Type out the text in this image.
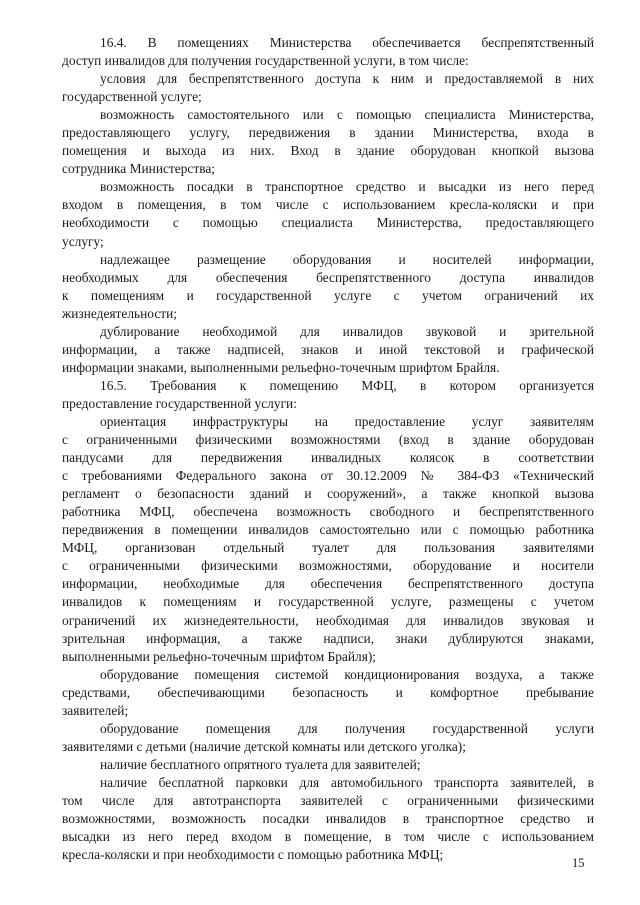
16.4. В помещениях Министерства обеспечивается беспрепятственный
доступ инвалидов для получения государственной услуги, в том числе:
условия для беспрепятственного доступа к ним и предоставляемой в них
государственной услуге;
возможность самостоятельного или с помощью специалиста Министерства,
предоставляющего услугу, передвижения в здании Министерства, входа в
помещения и выхода из них. Вход в здание оборудован кнопкой вызова
сотрудника Министерства;
возможность посадки в транспортное средство и высадки из него перед
входом в помещения, в том числе с использованием кресла-коляски и при
необходимости с помощью специалиста Министерства, предоставляющего
услугу;
надлежащее размещение оборудования и носителей информации,
необходимых для обеспечения беспрепятственного доступа инвалидов
к помещениям и государственной услуге с учетом ограничений их
жизнедеятельности;
дублирование необходимой для инвалидов звуковой и зрительной
информации, а также надписей, знаков и иной текстовой и графической
информации знаками, выполненными рельефно-точечным шрифтом Брайля.
16.5. Требования к помещению МФЦ, в котором организуется
предоставление государственной услуги:
ориентация инфраструктуры на предоставление услуг заявителям
с ограниченными физическими возможностями (вход в здание оборудован
пандусами для передвижения инвалидных колясок в соответствии
с требованиями Федерального закона от 30.12.2009 № 384-ФЗ «Технический
регламент о безопасности зданий и сооружений», а также кнопкой вызова
работника МФЦ, обеспечена возможность свободного и беспрепятственного
передвижения в помещении инвалидов самостоятельно или с помощью работника
МФЦ, организован отдельный туалет для пользования заявителями
с ограниченными физическими возможностями, оборудование и носители
информации, необходимые для обеспечения беспрепятственного доступа
инвалидов к помещениям и государственной услуге, размещены с учетом
ограничений их жизнедеятельности, необходимая для инвалидов звуковая и
зрительная информация, а также надписи, знаки дублируются знаками,
выполненными рельефно-точечным шрифтом Брайля);
оборудование помещения системой кондиционирования воздуха, а также
средствами, обеспечивающими безопасность и комфортное пребывание
заявителей;
оборудование помещения для получения государственной услуги
заявителями с детьми (наличие детской комнаты или детского уголка);
наличие бесплатного опрятного туалета для заявителей;
наличие бесплатной парковки для автомобильного транспорта заявителей, в
том числе для автотранспорта заявителей с ограниченными физическими
возможностями, возможность посадки инвалидов в транспортное средство и
высадки из него перед входом в помещение, в том числе с использованием
кресла-коляски и при необходимости с помощью работника МФЦ;
15
